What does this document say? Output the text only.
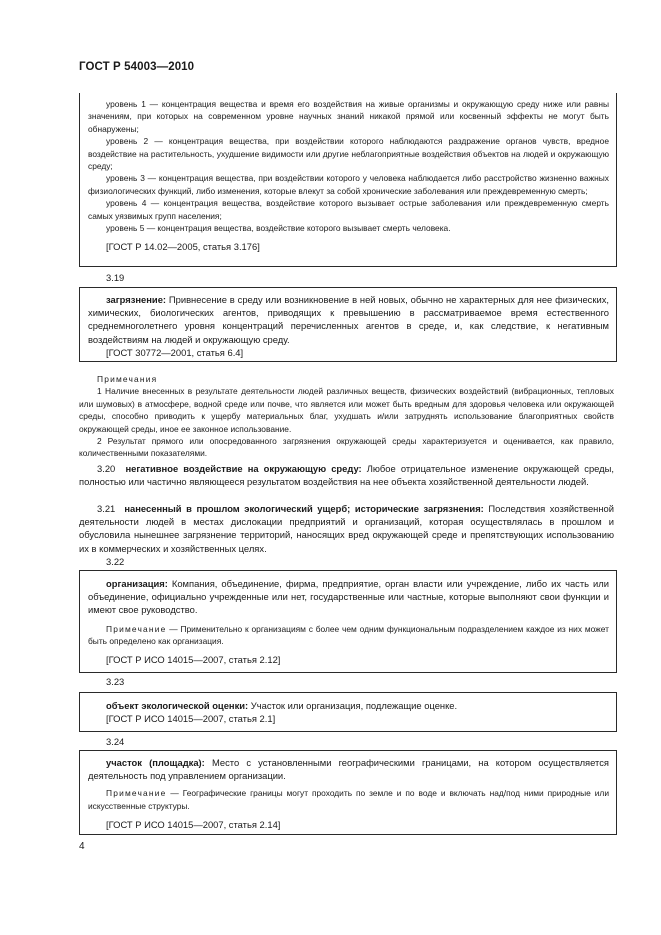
ГОСТ Р 54003—2010

уровень 1 — концентрация вещества и время его воздействия на живые организмы и окружающую среду ниже или равны значениям, при которых на современном уровне научных знаний никакой прямой или косвенный эффекты не могут быть обнаружены;

уровень 2 — концентрация вещества, при воздействии которого наблюдаются раздражение органов чувств, вредное воздействие на растительность, ухудшение видимости или другие неблагоприятные воздействия объектов на людей и окружающую среду;

уровень 3 — концентрация вещества, при воздействии которого у человека наблюдается либо расстройство жизненно важных физиологических функций, либо изменения, которые влекут за собой хронические заболевания или преждевременную смерть;

уровень 4 — концентрация вещества, воздействие которого вызывает острые заболевания или преждевременную смерть самых уязвимых групп населения;

уровень 5 — концентрация вещества, воздействие которого вызывает смерть человека.

[ГОСТ Р 14.02—2005, статья 3.176]

3.19

загрязнение: Привнесение в среду или возникновение в ней новых, обычно не характерных для нее физических, химических, биологических агентов, приводящих к превышению в рассматриваемое время естественного среднемноголетнего уровня концентраций перечисленных агентов в среде, и, как следствие, к негативным воздействиям на людей и окружающую среду.

[ГОСТ 30772—2001, статья 6.4]

Примечания

1 Наличие внесенных в результате деятельности людей различных веществ, физических воздействий (вибрационных, тепловых или шумовых) в атмосфере, водной среде или почве, что является или может быть вредным для здоровья человека или окружающей среды, способно приводить к ущербу материальных благ, ухудшать и/или затруднять использование благоприятных свойств окружающей среды, иное ее законное использование.

2 Результат прямого или опосредованного загрязнения окружающей среды характеризуется и оценивается, как правило, количественными показателями.

3.20 негативное воздействие на окружающую среду: Любое отрицательное изменение окружающей среды, полностью или частично являющееся результатом воздействия на нее объекта хозяйственной деятельности людей.

3.21 нанесенный в прошлом экологический ущерб; исторические загрязнения: Последствия хозяйственной деятельности людей в местах дислокации предприятий и организаций, которая осуществлялась в прошлом и обусловила нынешнее загрязнение территорий, наносящих вред окружающей среде и препятствующих использованию их в коммерческих и хозяйственных целях.

3.22

организация: Компания, объединение, фирма, предприятие, орган власти или учреждение, либо их часть или объединение, официально учрежденные или нет, государственные или частные, которые выполняют свои функции и имеют свое руководство.

Примечание — Применительно к организациям с более чем одним функциональным подразделением каждое из них может быть определено как организация.

[ГОСТ Р ИСО 14015—2007, статья 2.12]

3.23

объект экологической оценки: Участок или организация, подлежащие оценке.

[ГОСТ Р ИСО 14015—2007, статья 2.1]

3.24

участок (площадка): Место с установленными географическими границами, на котором осуществляется деятельность под управлением организации.

Примечание — Географические границы могут проходить по земле и по воде и включать над/под ними природные или искусственные структуры.

[ГОСТ Р ИСО 14015—2007, статья 2.14]

4
